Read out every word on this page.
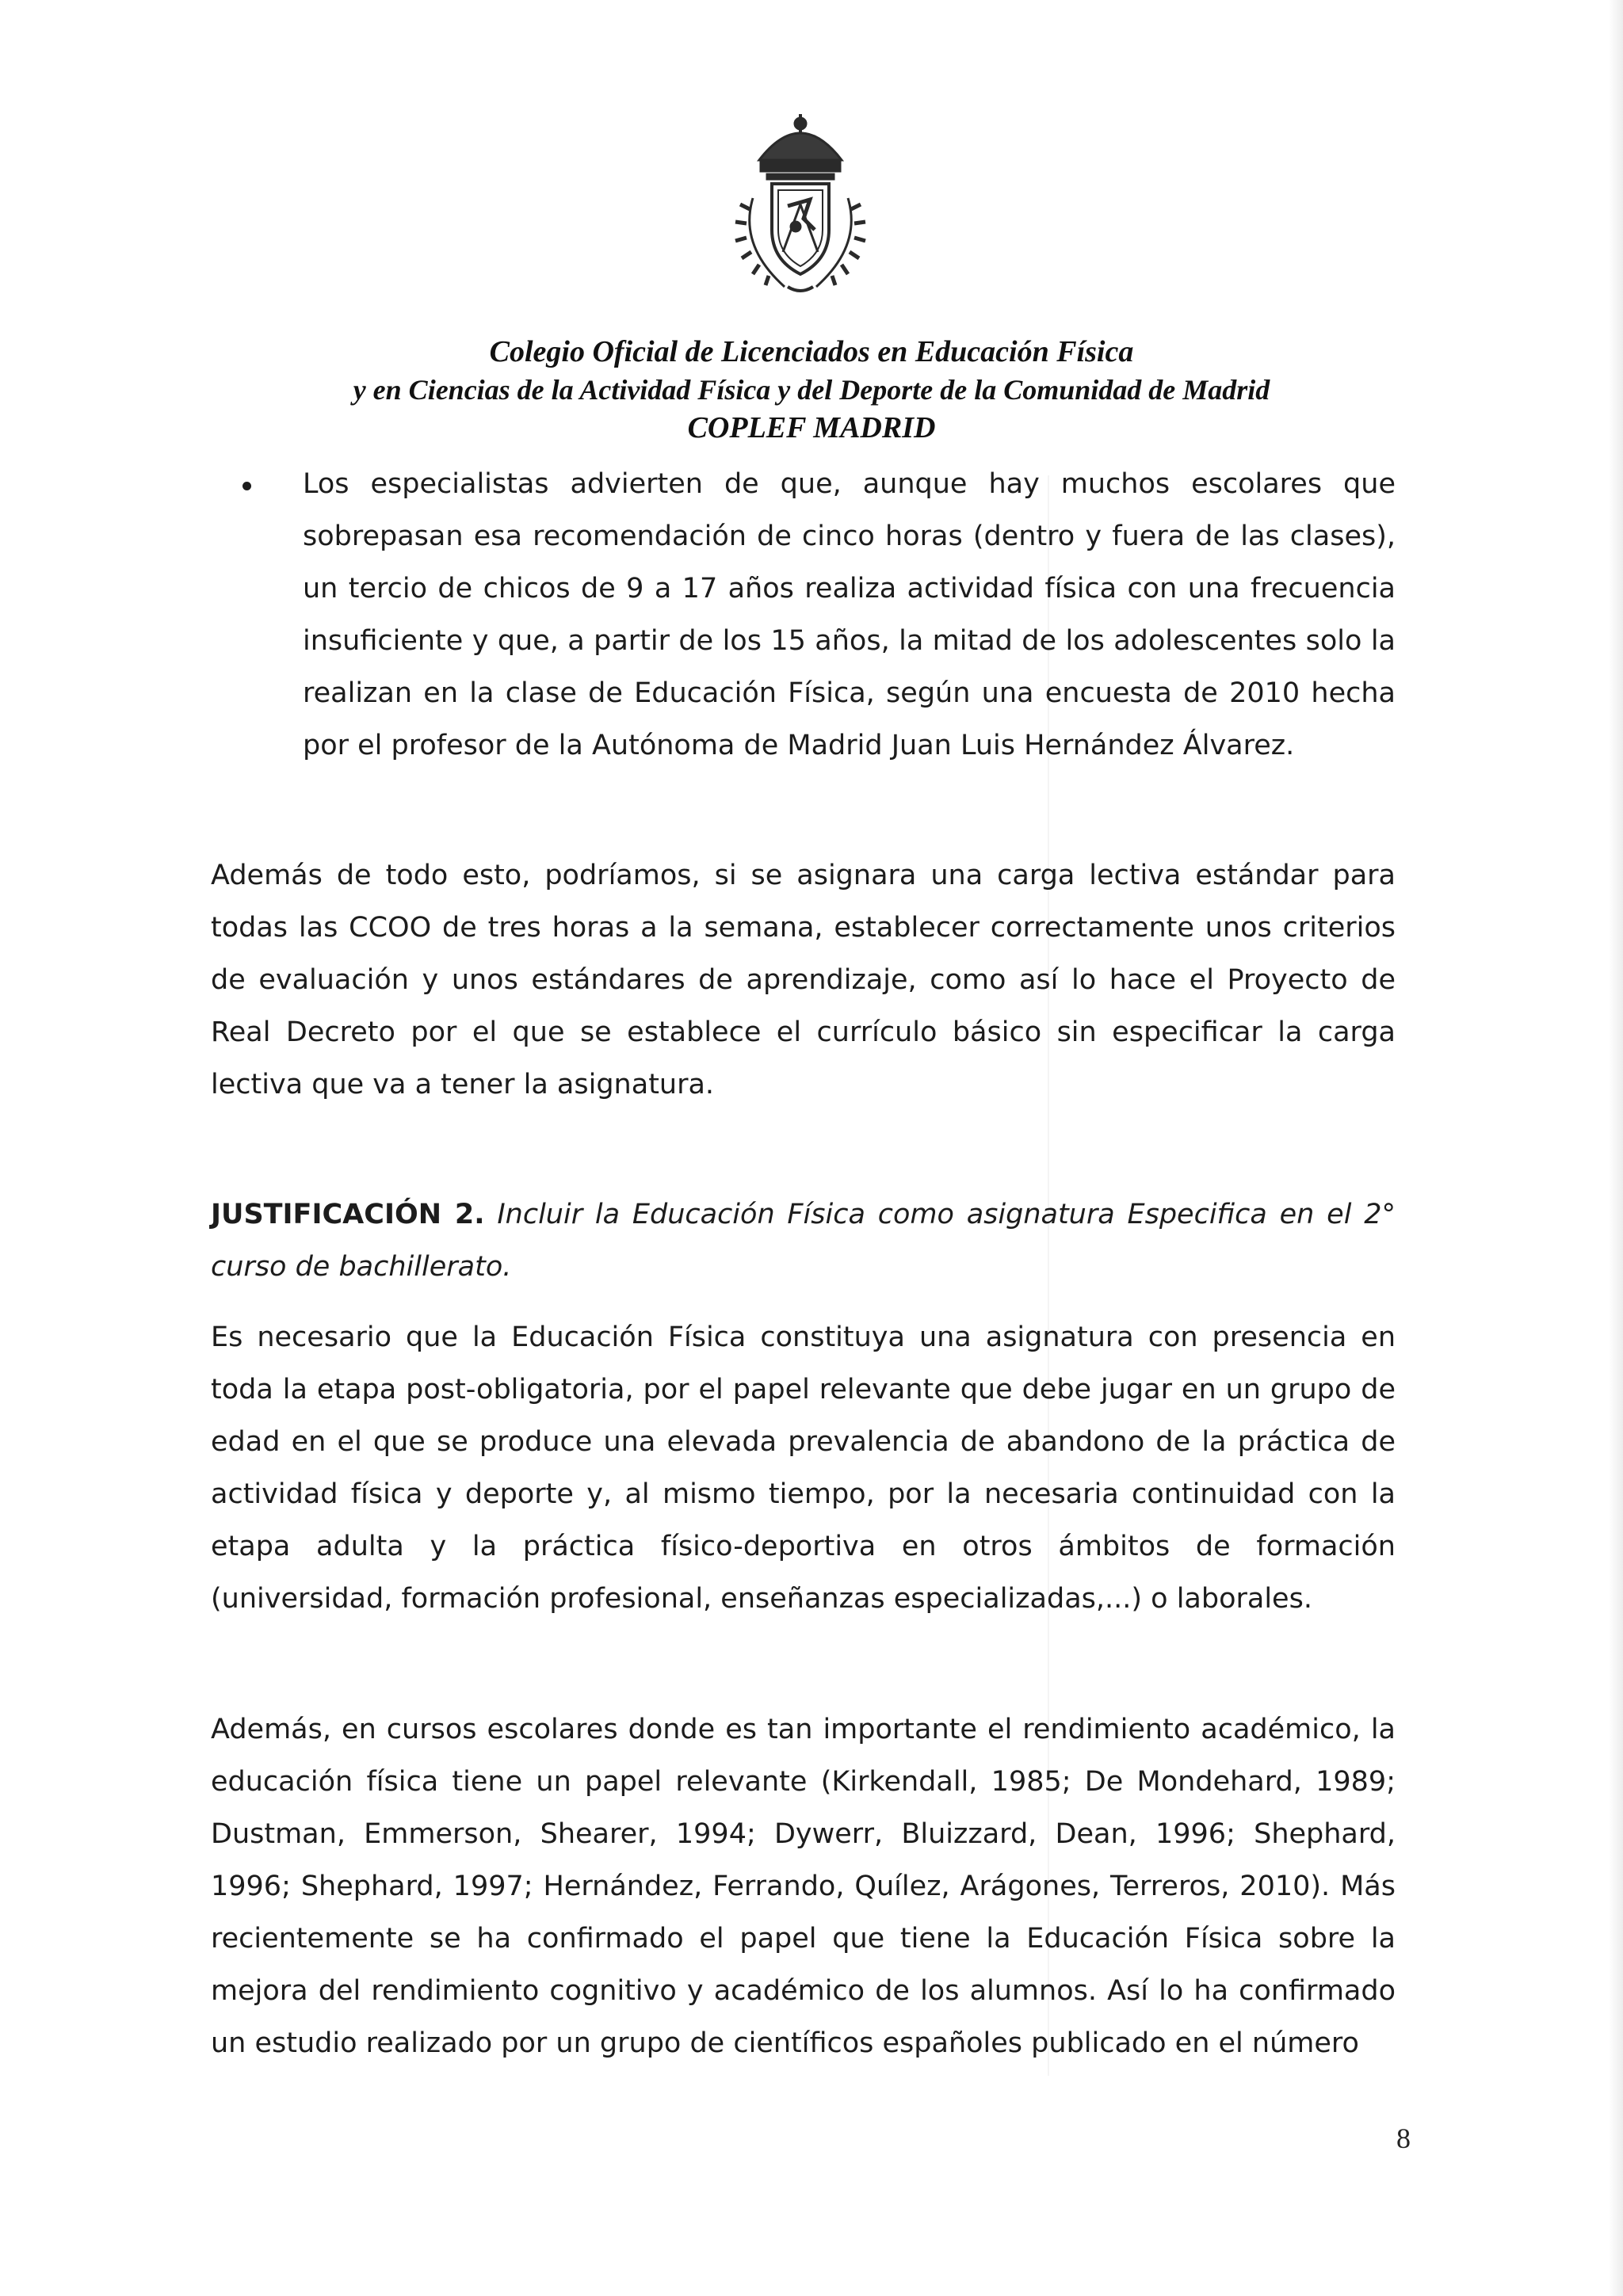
Colegio Oficial de Licenciados en Educación Física
y en Ciencias de la Actividad Física y del Deporte de la Comunidad de Madrid
COPLEF MADRID
Los especialistas advierten de que, aunque hay muchos escolares que sobrepasan esa recomendación de cinco horas (dentro y fuera de las clases), un tercio de chicos de 9 a 17 años realiza actividad física con una frecuencia insuficiente y que, a partir de los 15 años, la mitad de los adolescentes solo la realizan en la clase de Educación Física, según una encuesta de 2010 hecha por el profesor de la Autónoma de Madrid Juan Luis Hernández Álvarez.
Además de todo esto, podríamos, si se asignara una carga lectiva estándar para todas las CCOO de tres horas a la semana, establecer correctamente unos criterios de evaluación y unos estándares de aprendizaje, como así lo hace el Proyecto de Real Decreto por el que se establece el currículo básico sin especificar la carga lectiva que va a tener la asignatura.
JUSTIFICACIÓN 2. Incluir la Educación Física como asignatura Especifica en el 2° curso de bachillerato.
Es necesario que la Educación Física constituya una asignatura con presencia en toda la etapa post-obligatoria, por el papel relevante que debe jugar en un grupo de edad en el que se produce una elevada prevalencia de abandono de la práctica de actividad física y deporte y, al mismo tiempo, por la necesaria continuidad con la etapa adulta y la práctica físico-deportiva en otros ámbitos de formación (universidad, formación profesional, enseñanzas especializadas,...) o laborales.
Además, en cursos escolares donde es tan importante el rendimiento académico, la educación física tiene un papel relevante (Kirkendall, 1985; De Mondehard, 1989; Dustman, Emmerson, Shearer, 1994; Dywerr, Bluizzard, Dean, 1996; Shephard, 1996; Shephard, 1997; Hernández, Ferrando, Quílez, Arágones, Terreros, 2010). Más recientemente se ha confirmado el papel que tiene la Educación Física sobre la mejora del rendimiento cognitivo y académico de los alumnos. Así lo ha confirmado un estudio realizado por un grupo de científicos españoles publicado en el número
8
